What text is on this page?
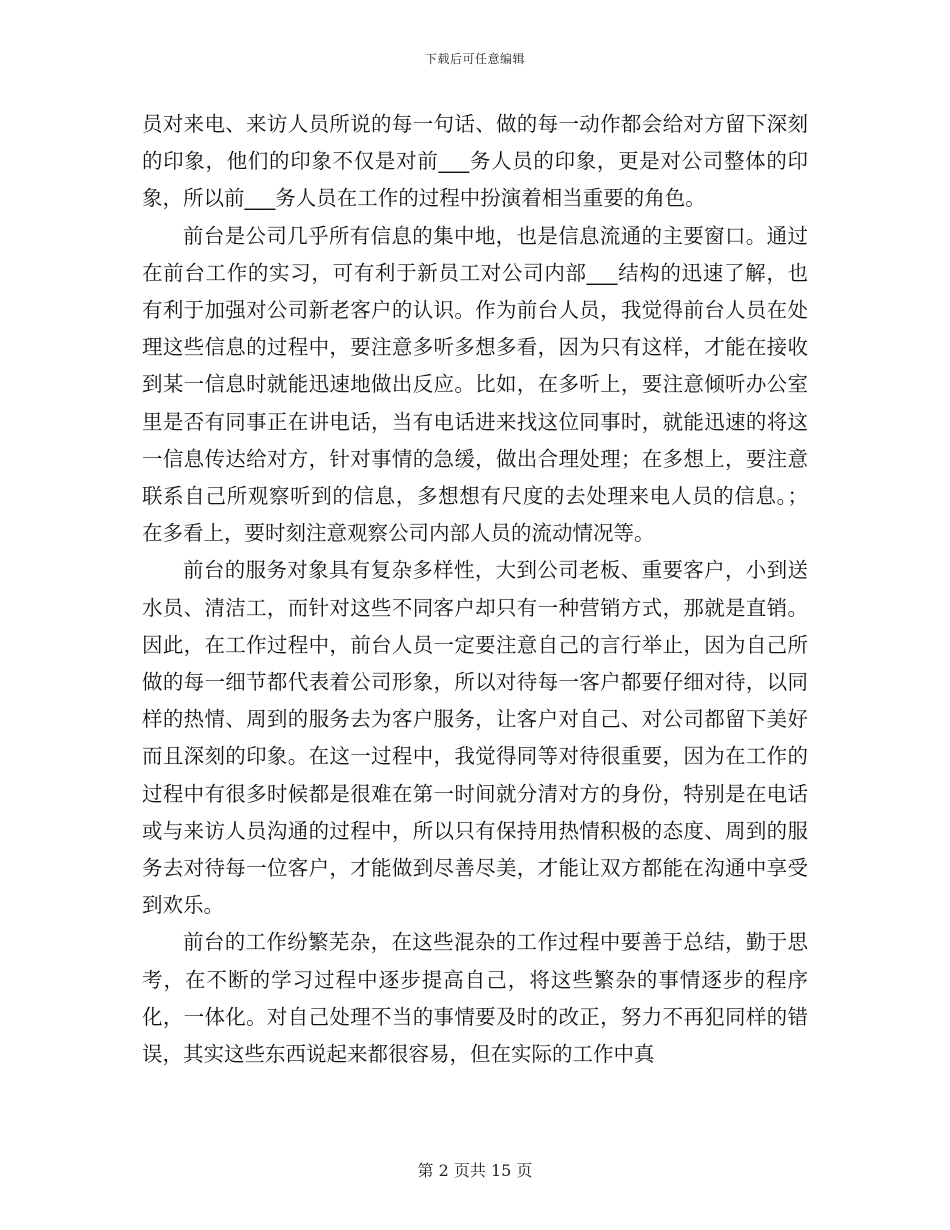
下载后可任意编辑

员对来电、来访人员所说的每一句话、做的每一动作都会给对方留下深刻的印象，他们的印象不仅是对前___务人员的印象，更是对公司整体的印象，所以前___务人员在工作的过程中扮演着相当重要的角色。

前台是公司几乎所有信息的集中地，也是信息流通的主要窗口。通过在前台工作的实习，可有利于新员工对公司内部___结构的迅速了解，也有利于加强对公司新老客户的认识。作为前台人员，我觉得前台人员在处理这些信息的过程中，要注意多听多想多看，因为只有这样，才能在接收到某一信息时就能迅速地做出反应。比如，在多听上，要注意倾听办公室里是否有同事正在讲电话，当有电话进来找这位同事时，就能迅速的将这一信息传达给对方，针对事情的急缓，做出合理处理；在多想上，要注意联系自己所观察听到的信息，多想想有尺度的去处理来电人员的信息。；在多看上，要时刻注意观察公司内部人员的流动情况等。

前台的服务对象具有复杂多样性，大到公司老板、重要客户，小到送水员、清洁工，而针对这些不同客户却只有一种营销方式，那就是直销。因此，在工作过程中，前台人员一定要注意自己的言行举止，因为自己所做的每一细节都代表着公司形象，所以对待每一客户都要仔细对待，以同样的热情、周到的服务去为客户服务，让客户对自己、对公司都留下美好而且深刻的印象。在这一过程中，我觉得同等对待很重要，因为在工作的过程中有很多时候都是很难在第一时间就分清对方的身份，特别是在电话或与来访人员沟通的过程中，所以只有保持用热情积极的态度、周到的服务去对待每一位客户，才能做到尽善尽美，才能让双方都能在沟通中享受到欢乐。

前台的工作纷繁芜杂，在这些混杂的工作过程中要善于总结，勤于思考，在不断的学习过程中逐步提高自己，将这些繁杂的事情逐步的程序化，一体化。对自己处理不当的事情要及时的改正，努力不再犯同样的错误，其实这些东西说起来都很容易，但在实际的工作中真

第 2 页共 15 页
